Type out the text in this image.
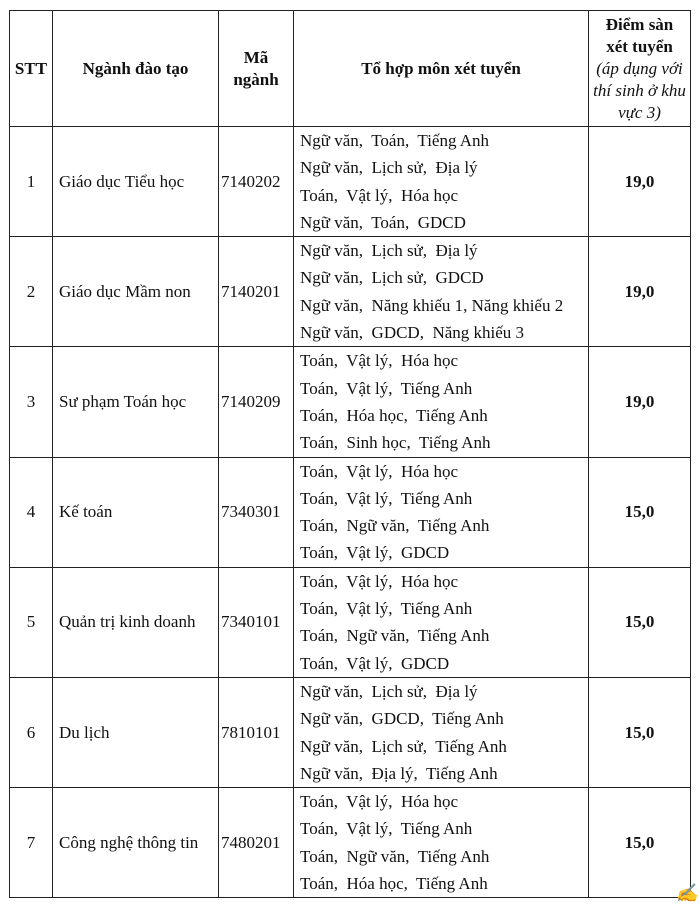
STT	Ngành đào tạo	Mã
ngành	Tổ hợp môn xét tuyển	Điểm sàn
xét tuyển
(áp dụng với thí sinh ở khu vực 3)
1	Giáo dục Tiểu học	7140202	
Ngữ văn,  Toán,  Tiếng Anh
Ngữ văn,  Lịch sử,  Địa lý
Toán,  Vật lý,  Hóa học
Ngữ văn,  Toán,  GDCD
	19,0
2	Giáo dục Mầm non	7140201	
Ngữ văn,  Lịch sử,  Địa lý
Ngữ văn,  Lịch sử,  GDCD
Ngữ văn,  Năng khiếu 1, Năng khiếu 2
Ngữ văn,  GDCD,  Năng khiếu 3
	19,0
3	Sư phạm Toán học	7140209	
Toán,  Vật lý,  Hóa học
Toán,  Vật lý,  Tiếng Anh
Toán,  Hóa học,  Tiếng Anh
Toán,  Sinh học,  Tiếng Anh
	19,0
4	Kế toán	7340301	
Toán,  Vật lý,  Hóa học
Toán,  Vật lý,  Tiếng Anh
Toán,  Ngữ văn,  Tiếng Anh
Toán,  Vật lý,  GDCD
	15,0
5	Quản trị kinh doanh	7340101	
Toán,  Vật lý,  Hóa học
Toán,  Vật lý,  Tiếng Anh
Toán,  Ngữ văn,  Tiếng Anh
Toán,  Vật lý,  GDCD
	15,0
6	Du lịch	7810101	
Ngữ văn,  Lịch sử,  Địa lý
Ngữ văn,  GDCD,  Tiếng Anh
Ngữ văn,  Lịch sử,  Tiếng Anh
Ngữ văn,  Địa lý,  Tiếng Anh
	15,0
7	Công nghệ thông tin	7480201	
Toán,  Vật lý,  Hóa học
Toán,  Vật lý,  Tiếng Anh
Toán,  Ngữ văn,  Tiếng Anh
Toán,  Hóa học,  Tiếng Anh
	15,0
✍
